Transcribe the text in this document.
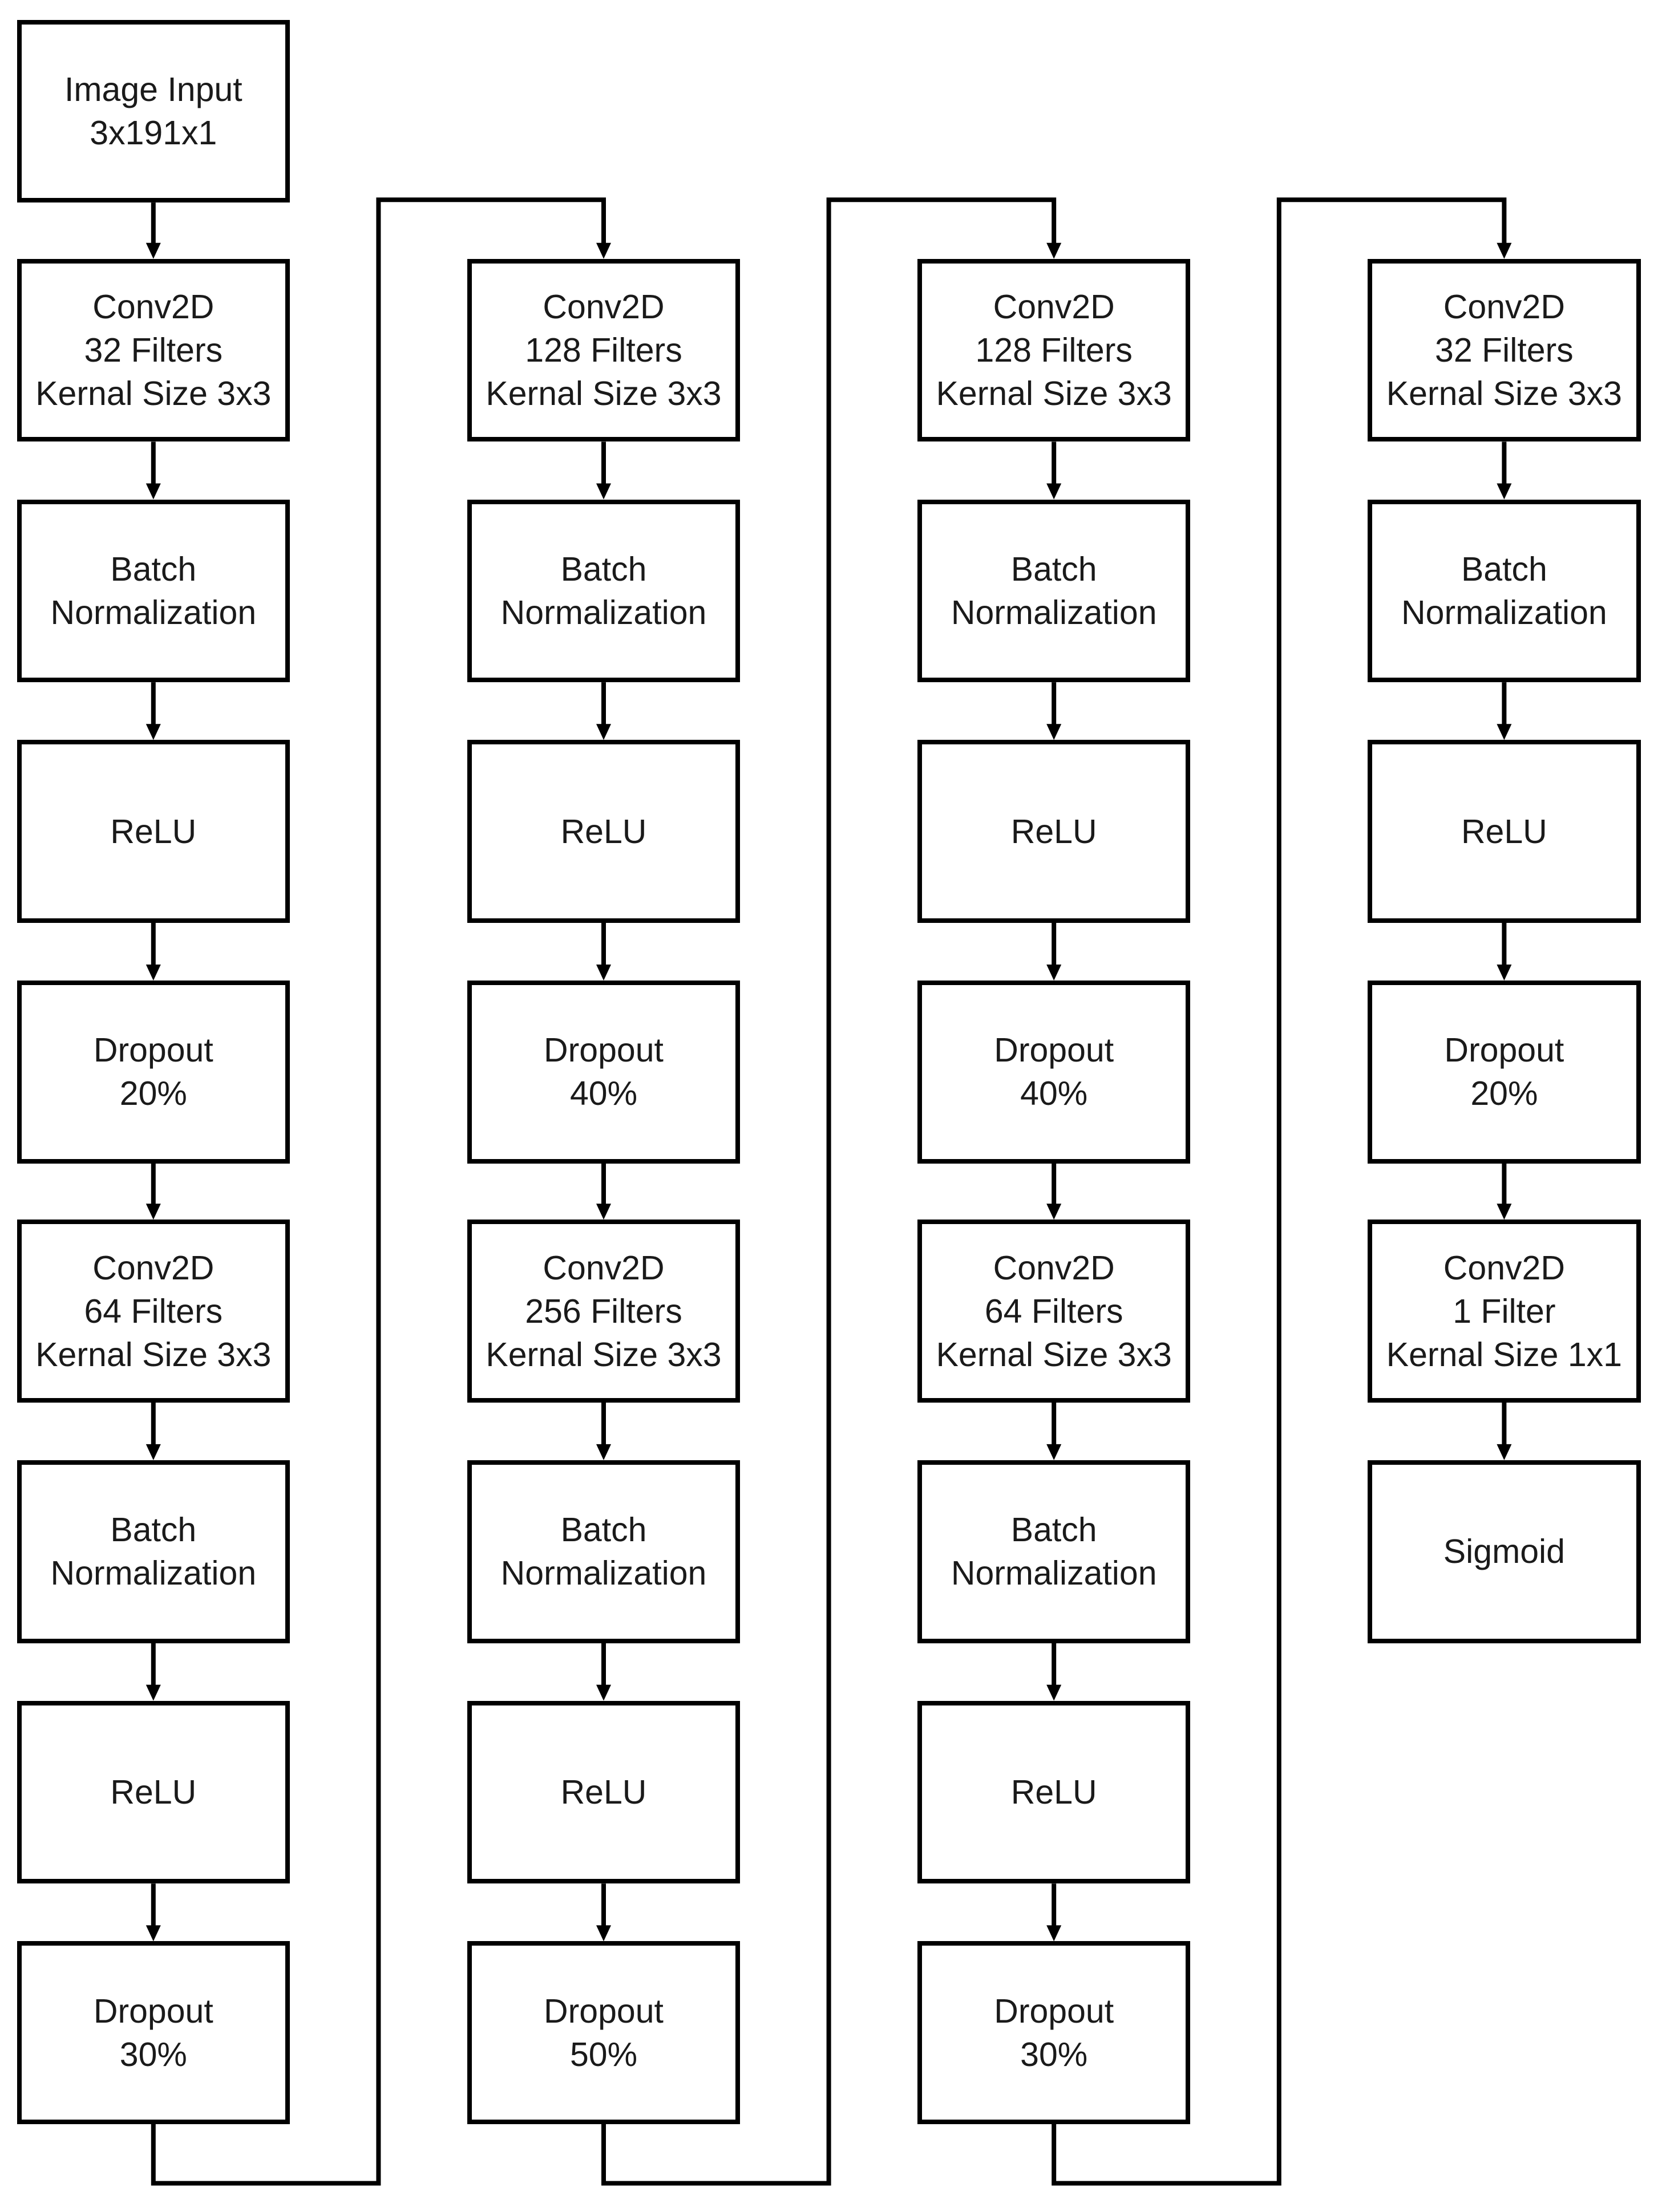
Image Input
3x191x1
Conv2D
32 Filters
Kernal Size 3x3
Batch
Normalization
ReLU
Dropout
20%
Conv2D
64 Filters
Kernal Size 3x3
Batch
Normalization
ReLU
Dropout
30%
Conv2D
128 Filters
Kernal Size 3x3
Batch
Normalization
ReLU
Dropout
40%
Conv2D
256 Filters
Kernal Size 3x3
Batch
Normalization
ReLU
Dropout
50%
Conv2D
128 Filters
Kernal Size 3x3
Batch
Normalization
ReLU
Dropout
40%
Conv2D
64 Filters
Kernal Size 3x3
Batch
Normalization
ReLU
Dropout
30%
Conv2D
32 Filters
Kernal Size 3x3
Batch
Normalization
ReLU
Dropout
20%
Conv2D
1 Filter
Kernal Size 1x1
Sigmoid
